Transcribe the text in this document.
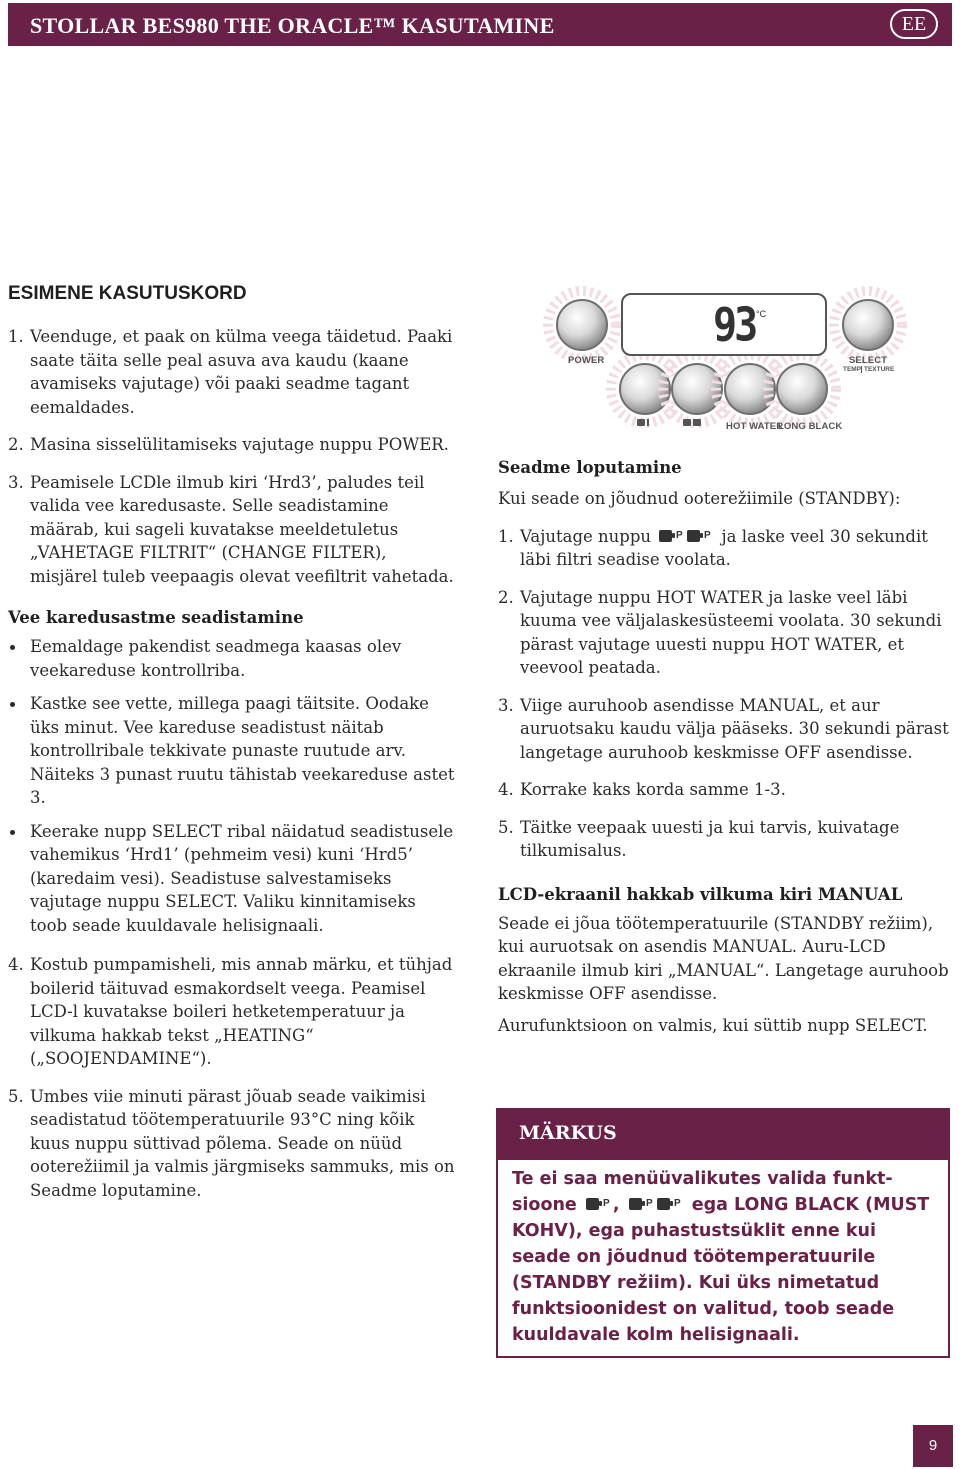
STOLLAR BES980 THE ORACLE™ KASUTAMINE	EE
ESIMENE KASUTUSKORD
1. Veenduge, et paak on külma veega täidetud. Paaki saate täita selle peal asuva ava kaudu (kaane avamiseks vajutage) või paaki seadme tagant eemaldades.
2. Masina sisselülitamiseks vajutage nuppu POWER.
3. Peamisele LCDle ilmub kiri ‘Hrd3’, paludes teil valida vee karedusaste. Selle seadistamine määrab, kui sageli kuvatakse meeldetuletus „VAHETAGE FILTRIT“ (CHANGE FILTER), misjärel tuleb veepaagis olevat veefiltrit vahetada.
Vee karedusastme seadistamine
Eemaldage pakendist seadmega kaasas olev veekareduse kontrollriba.
Kastke see vette, millega paagi täitsite. Oodake üks minut. Vee kareduse seadistust näitab kontrollribale tekkivate punaste ruutude arv. Näiteks 3 punast ruutu tähistab veekareduse astet 3.
Keerake nupp SELECT ribal näidatud seadistusele vahemikus ‘Hrd1’ (pehmeim vesi) kuni ‘Hrd5’ (karedaim vesi). Seadistuse salvestamiseks vajutage nuppu SELECT. Valiku kinnitamiseks toob seade kuuldavale helisignaali.
4. Kostub pumpamisheli, mis annab märku, et tühjad boilerid täituvad esmakordselt veega. Peamisel LCD-l kuvatakse boileri hetketemperatuur ja vilkuma hakkab tekst „HEATING“ („SOOJENDAMINE“).
5. Umbes viie minuti pärast jõuab seade vaikimisi seadistatud töötemperatuurile 93°C ning kõik kuus nuppu süttivad põlema. Seade on nüüd ooterežiimil ja valmis järgmiseks sammuks, mis on Seadme loputamine.
93 °C
POWER	SELECT
TEMP TEXTURE
HOT WATER
LONG BLACK
Seadme loputamine

Kui seade on jõudnud ooterežiimile (STANDBY):

1. Vajutage nuppu	P P ja laske veel 30 sekundit läbi filtri seadise voolata.
2. Vajutage nuppu HOT WATER ja laske veel läbi kuuma vee väljalaskesüsteemi voolata. 30 sekundi pärast vajutage uuesti nuppu HOT WATER, et veevool peatada.
3. Viige auruhoob asendisse MANUAL, et aur auruotsaku kaudu välja pääseks. 30 sekundi pärast langetage auruhoob keskmisse OFF asendisse.
4. Korrake kaks korda samme 1-3.
5. Täitke veepaak uuesti ja kui tarvis, kuivatage tilkumisalus.
LCD-ekraanil hakkab vilkuma kiri MANUAL

Seade ei jõua töötemperatuurile (STANDBY režiim), kui auruotsak on asendis MANUAL. Auru-LCD ekraanile ilmub kiri „MANUAL“. Langetage auruhoob keskmisse OFF asendisse.

Aurufunktsioon on valmis, kui süttib nupp SELECT.

MÄRKUS
Te ei saa menüüvalikutes valida funkt-
sioone	P , P P ega LONG BLACK (MUST KOHV), ega puhastustsüklit enne kui seade on jõudnud töötemperatuurile (STANDBY režiim). Kui üks nimetatud funktsioonidest on valitud, toob seade kuuldavale kolm helisignaali.
9
